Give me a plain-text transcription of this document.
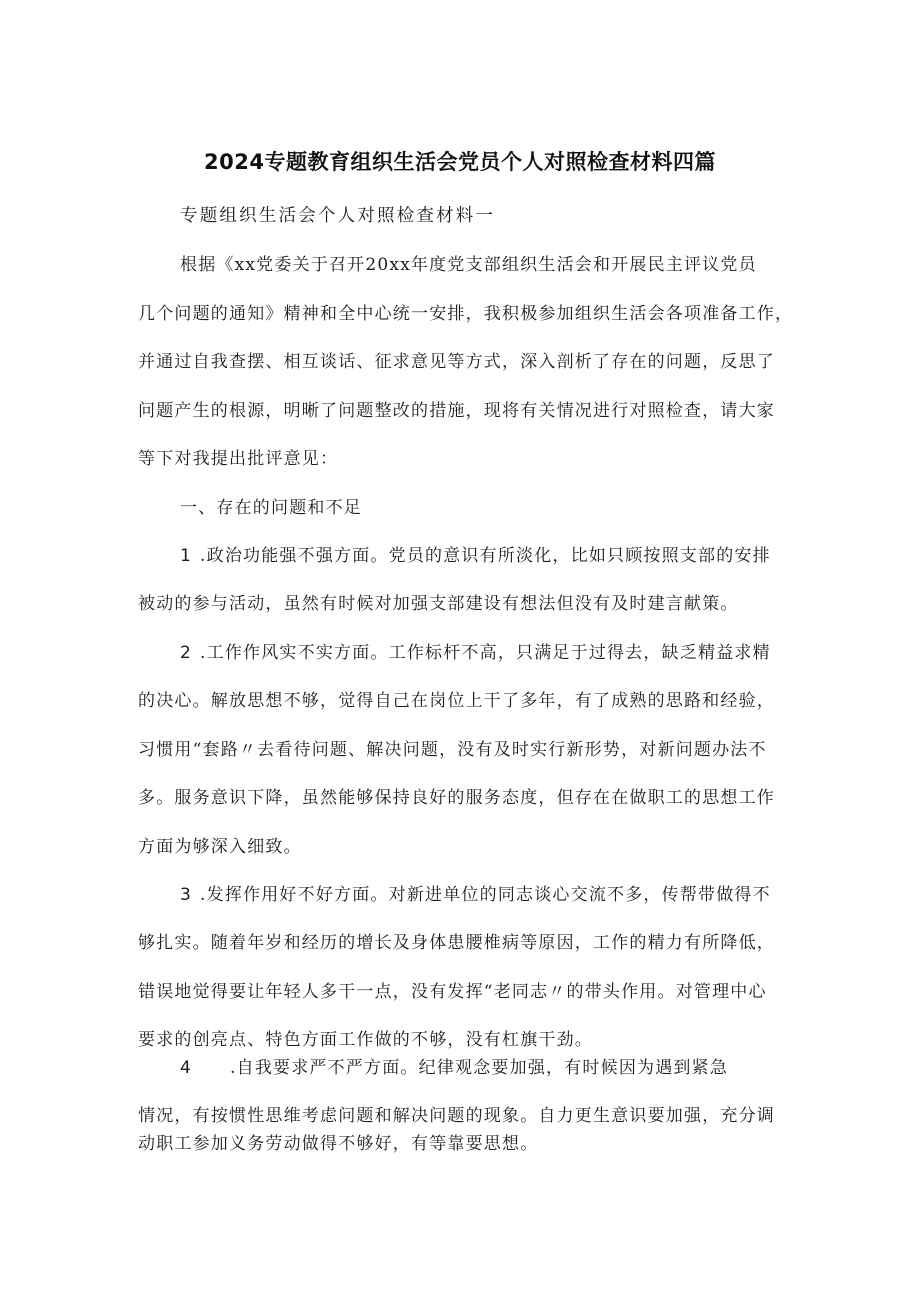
2024专题教育组织生活会党员个人对照检查材料四篇

专题组织生活会个人对照检查材料一

根据《xx党委关于召开20xx年度党支部组织生活会和开展民主评议党员

几个问题的通知》精神和全中心统一安排，我积极参加组织生活会各项准备工作，

并通过自我查摆、相互谈话、征求意见等方式，深入剖析了存在的问题，反思了

问题产生的根源，明晰了问题整改的措施，现将有关情况进行对照检查，请大家

等下对我提出批评意见：

一、存在的问题和不足

1 .政治功能强不强方面。党员的意识有所淡化，比如只顾按照支部的安排

被动的参与活动，虽然有时候对加强支部建设有想法但没有及时建言献策。

2 .工作作风实不实方面。工作标杆不高，只满足于过得去，缺乏精益求精

的决心。解放思想不够，觉得自己在岗位上干了多年，有了成熟的思路和经验，

习惯用“套路〃去看待问题、解决问题，没有及时实行新形势，对新问题办法不

多。服务意识下降，虽然能够保持良好的服务态度，但存在在做职工的思想工作

方面为够深入细致。

3 .发挥作用好不好方面。对新进单位的同志谈心交流不多，传帮带做得不

够扎实。随着年岁和经历的增长及身体患腰椎病等原因，工作的精力有所降低，

错误地觉得要让年轻人多干一点，没有发挥“老同志〃的带头作用。对管理中心

要求的创亮点、特色方面工作做的不够，没有杠旗干劲。

4 .自我要求严不严方面。纪律观念要加强，有时候因为遇到紧急

情况，有按惯性思维考虑问题和解决问题的现象。自力更生意识要加强，充分调

动职工参加义务劳动做得不够好，有等靠要思想。
